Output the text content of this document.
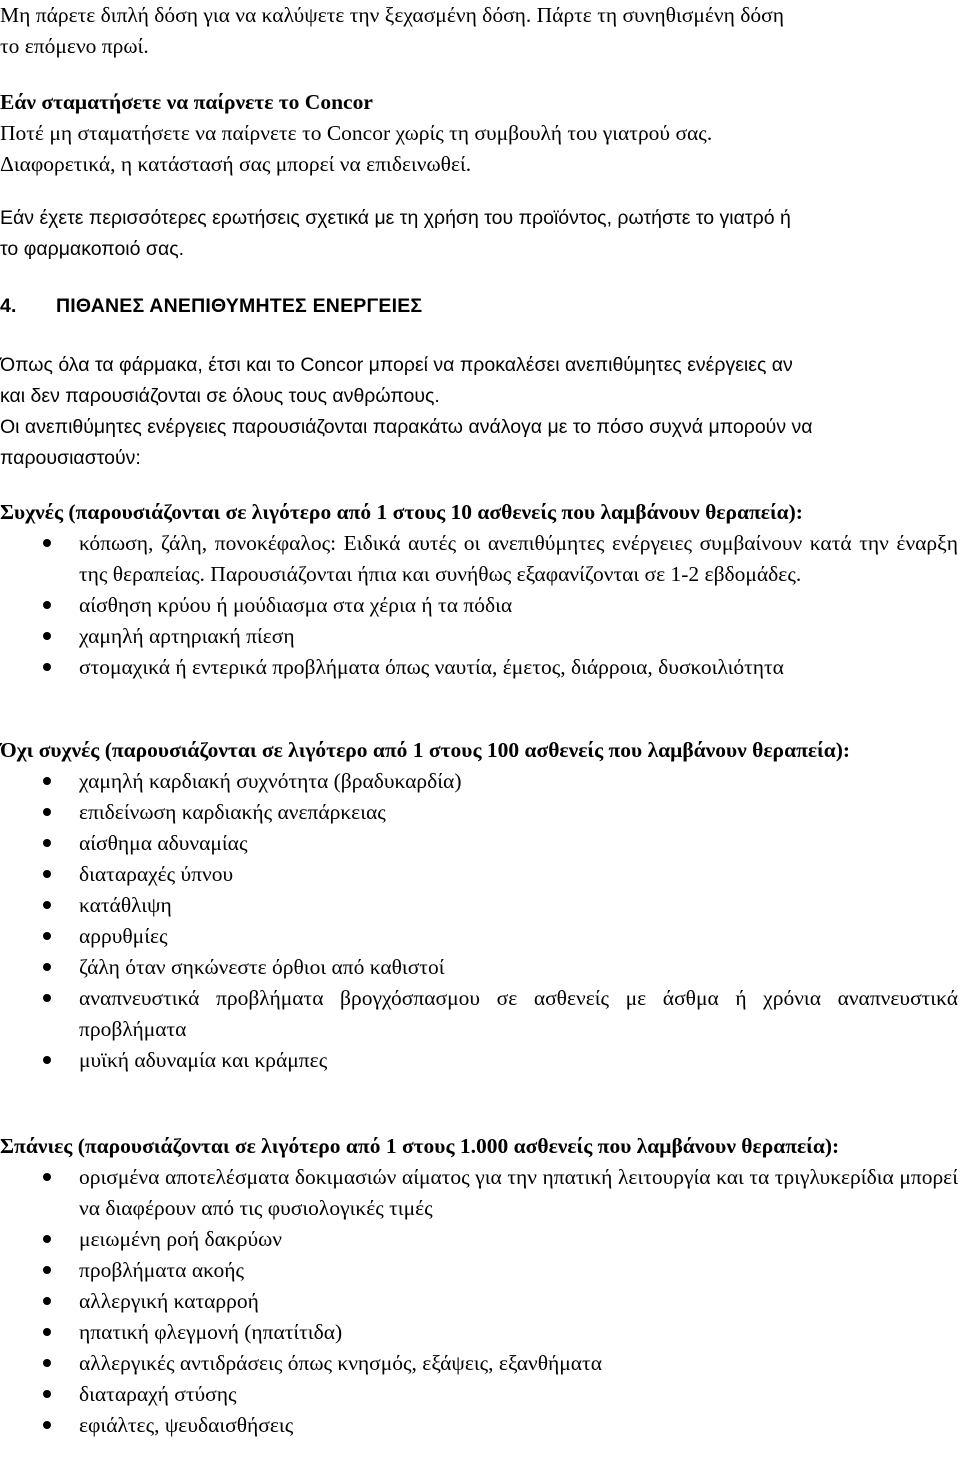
Μη πάρετε διπλή δόση για να καλύψετε την ξεχασμένη δόση. Πάρτε τη συνηθισμένη δόση

το επόμενο πρωί.

Εάν σταματήσετε να παίρνετε το Concor

Ποτέ μη σταματήσετε να παίρνετε το Concor χωρίς τη συμβουλή του γιατρού σας.

Διαφορετικά, η κατάστασή σας μπορεί να επιδεινωθεί.

Εάν έχετε περισσότερες ερωτήσεις σχετικά με τη χρήση του προϊόντος, ρωτήστε το γιατρό ή

το φαρμακοποιό σας.

4. ΠΙΘΑΝΕΣ ΑΝΕΠΙΘΥΜΗΤΕΣ ΕΝΕΡΓΕΙΕΣ

Όπως όλα τα φάρμακα, έτσι και το Concor μπορεί να προκαλέσει ανεπιθύμητες ενέργειες αν

και δεν παρουσιάζονται σε όλους τους ανθρώπους.

Οι ανεπιθύμητες ενέργειες παρουσιάζονται παρακάτω ανάλογα με το πόσο συχνά μπορούν να

παρουσιαστούν:

Συχνές (παρουσιάζονται σε λιγότερο από 1 στους 10 ασθενείς που λαμβάνουν θεραπεία):

κόπωση, ζάλη, πονοκέφαλος: Ειδικά αυτές οι ανεπιθύμητες ενέργειες συμβαίνουν κατά την έναρξη της θεραπείας. Παρουσιάζονται ήπια και συνήθως εξαφανίζονται σε 1-2 εβδομάδες.
αίσθηση κρύου ή μούδιασμα στα χέρια ή τα πόδια
χαμηλή αρτηριακή πίεση
στομαχικά ή εντερικά προβλήματα όπως ναυτία, έμετος, διάρροια, δυσκοιλιότητα

Όχι συχνές (παρουσιάζονται σε λιγότερο από 1 στους 100 ασθενείς που λαμβάνουν θεραπεία):

χαμηλή καρδιακή συχνότητα (βραδυκαρδία)
επιδείνωση καρδιακής ανεπάρκειας
αίσθημα αδυναμίας
διαταραχές ύπνου
κατάθλιψη
αρρυθμίες
ζάλη όταν σηκώνεστε όρθιοι από καθιστοί
αναπνευστικά προβλήματα βρογχόσπασμου σε ασθενείς με άσθμα ή χρόνια αναπνευστικά προβλήματα
μυϊκή αδυναμία και κράμπες

Σπάνιες (παρουσιάζονται σε λιγότερο από 1 στους 1.000 ασθενείς που λαμβάνουν θεραπεία):

ορισμένα αποτελέσματα δοκιμασιών αίματος για την ηπατική λειτουργία και τα τριγλυκερίδια μπορεί να διαφέρουν από τις φυσιολογικές τιμές
μειωμένη ροή δακρύων
προβλήματα ακοής
αλλεργική καταρροή
ηπατική φλεγμονή (ηπατίτιδα)
αλλεργικές αντιδράσεις όπως κνησμός, εξάψεις, εξανθήματα
διαταραχή στύσης
εφιάλτες, ψευδαισθήσεις
